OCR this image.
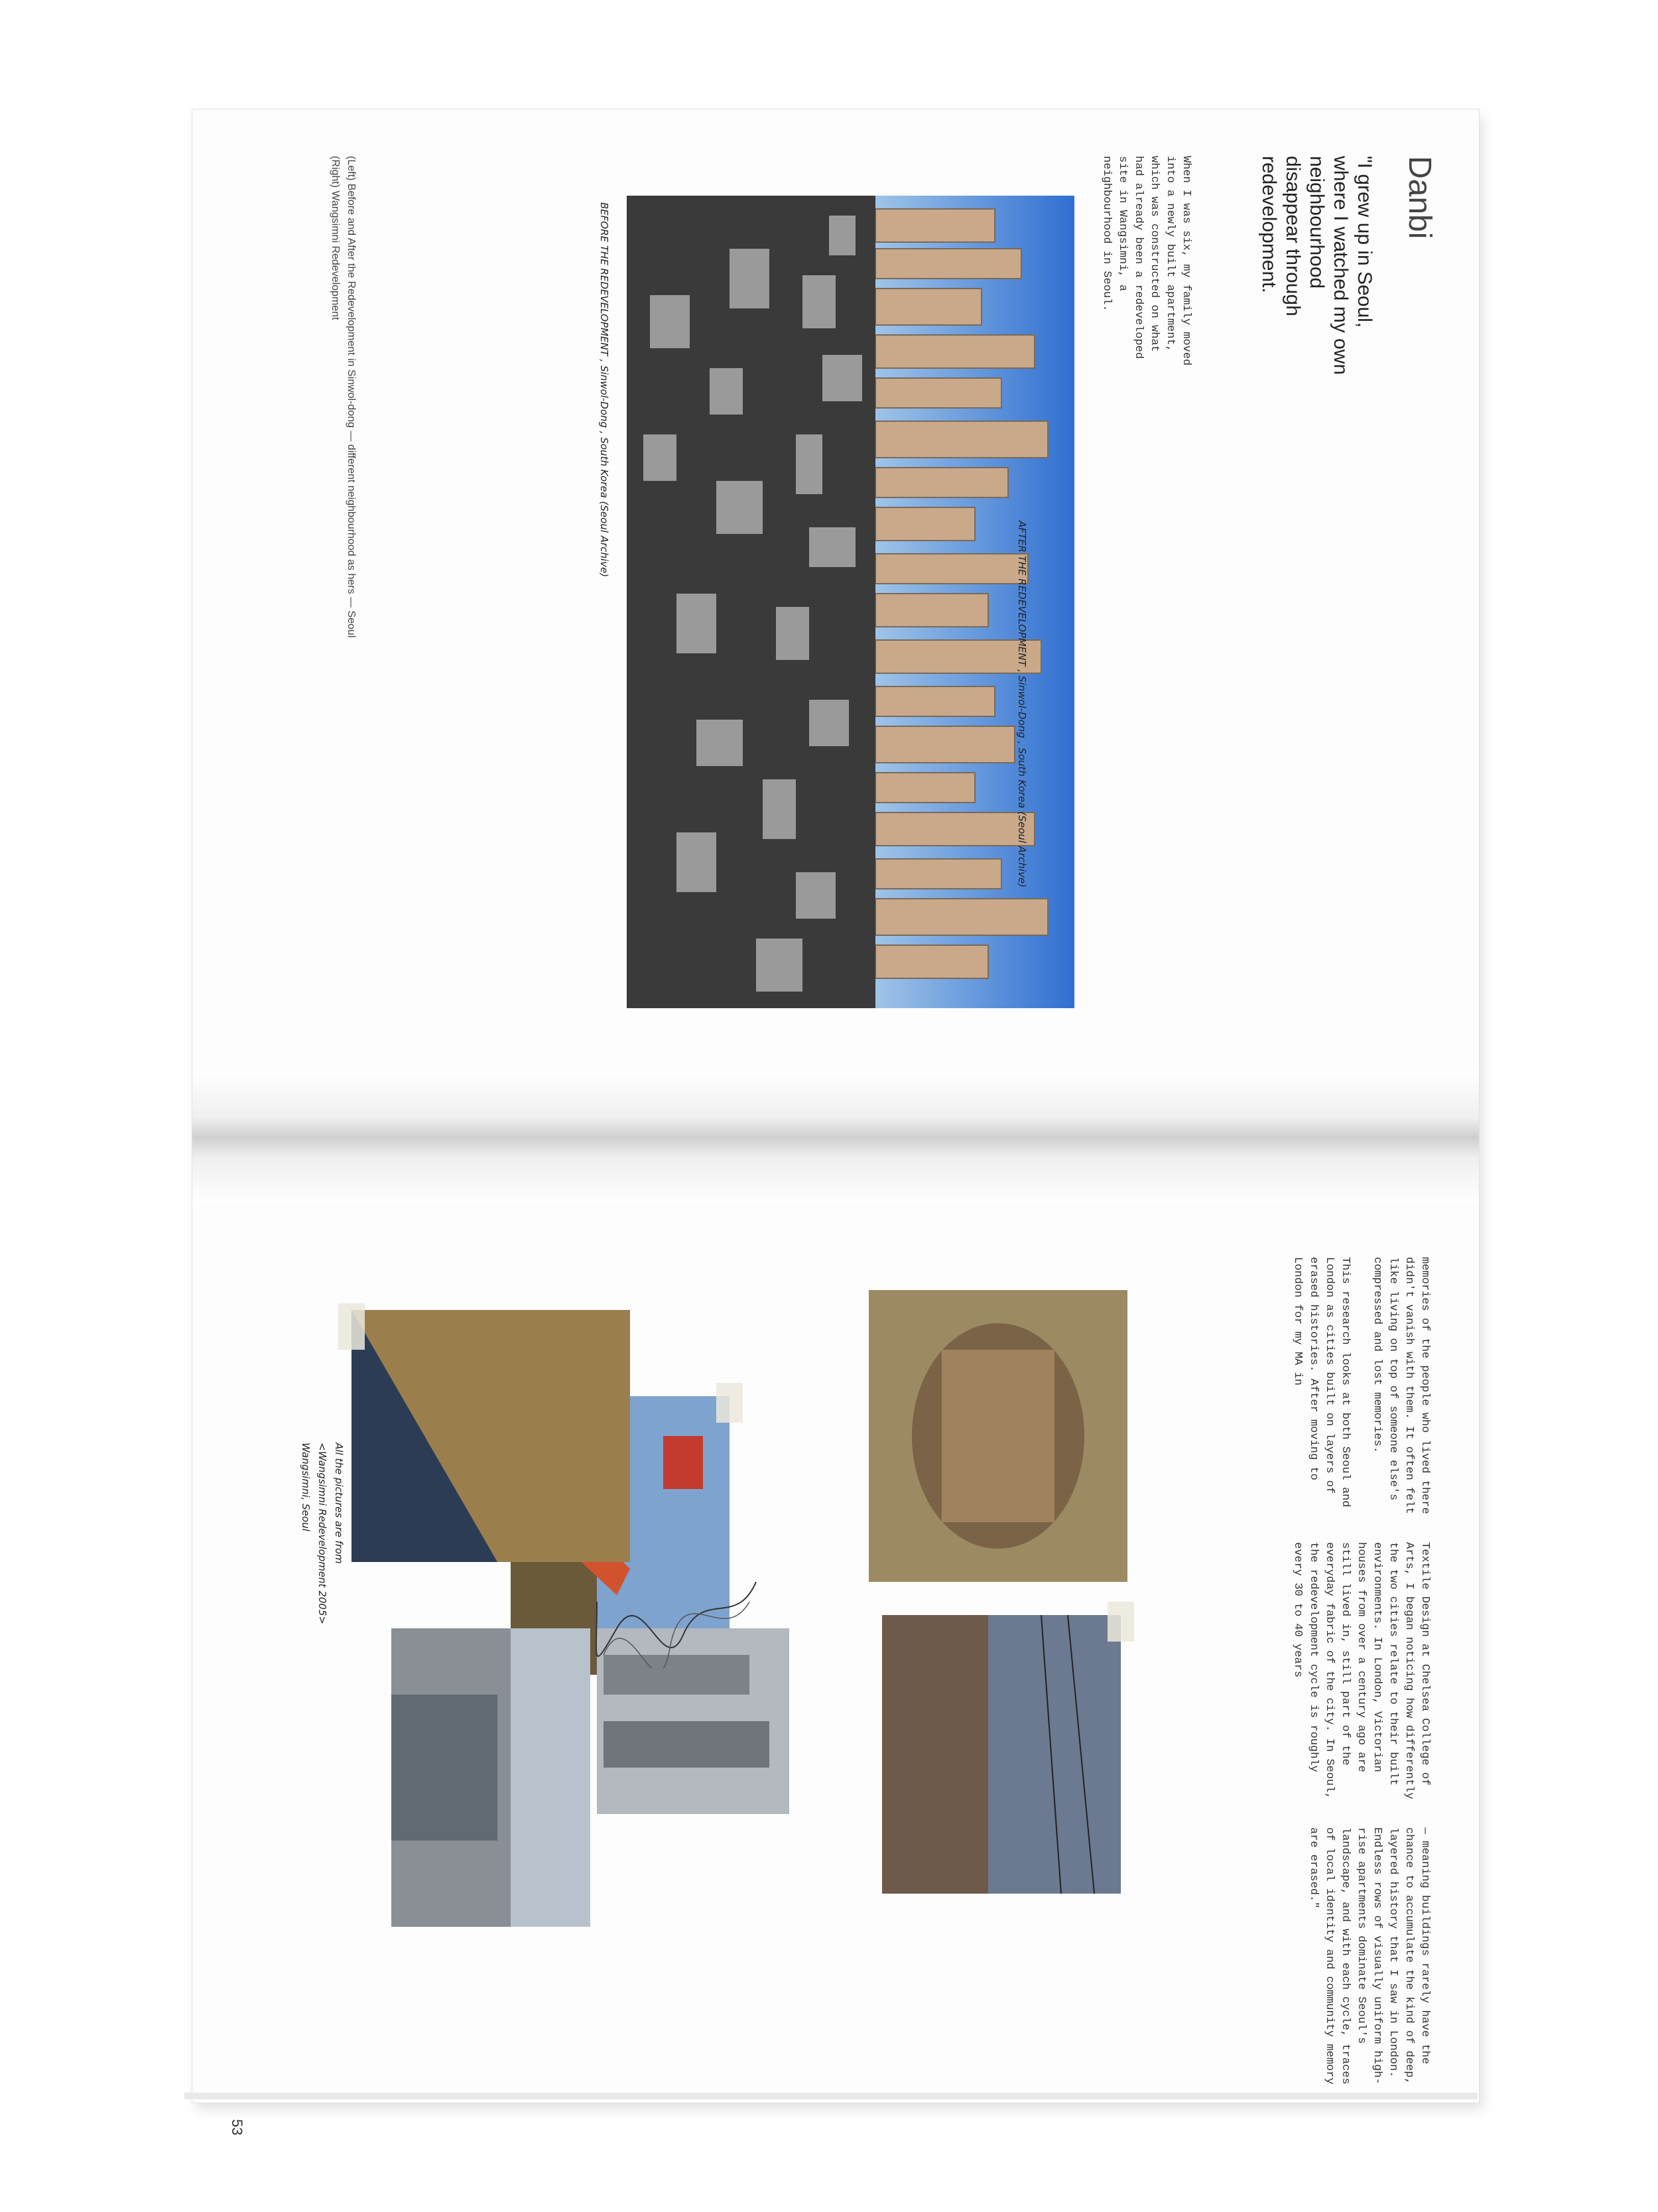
Danbi
"I grew up in Seoul, where I watched my own neighbourhood disappear through redevelopment.
When I was six, my family moved into a newly built apartment, which was constructed on what had already been a redeveloped site in Wangsimni, a neighbourhood in Seoul.
AFTER THE REDEVELOPMENT , Sinwol-Dong , South Korea (Seoul Archive)
BEFORE THE REDEVELOPMENT , Sinwol-Dong , South Korea (Seoul Archive)
(Left) Before and After the Redevelopment in Sinwol-dong — different neighbourhood as hers — Seoul
(Right) Wangsimni Redevelopment
memories of the people who lived there didn't vanish with them. It often felt like living on top of someone else's compressed and lost memories.

This research looks at both Seoul and London as cities built on layers of erased histories. After moving to London for my MA in
Textile Design at Chelsea College of Arts, I began noticing how differently the two cities relate to their built environments. In London, Victorian houses from over a century ago are still lived in, still part of the everyday fabric of the city. In Seoul, the redevelopment cycle is roughly every 30 to 40 years
— meaning buildings rarely have the chance to accumulate the kind of deep, layered history that I saw in London. Endless rows of visually uniform high-rise apartments dominate Seoul's landscape, and with each cycle, traces of local identity and community memory are erased."
All the pictures are from
<Wangsimni Redevelopment 2005>
Wangsimni, Seoul
53
